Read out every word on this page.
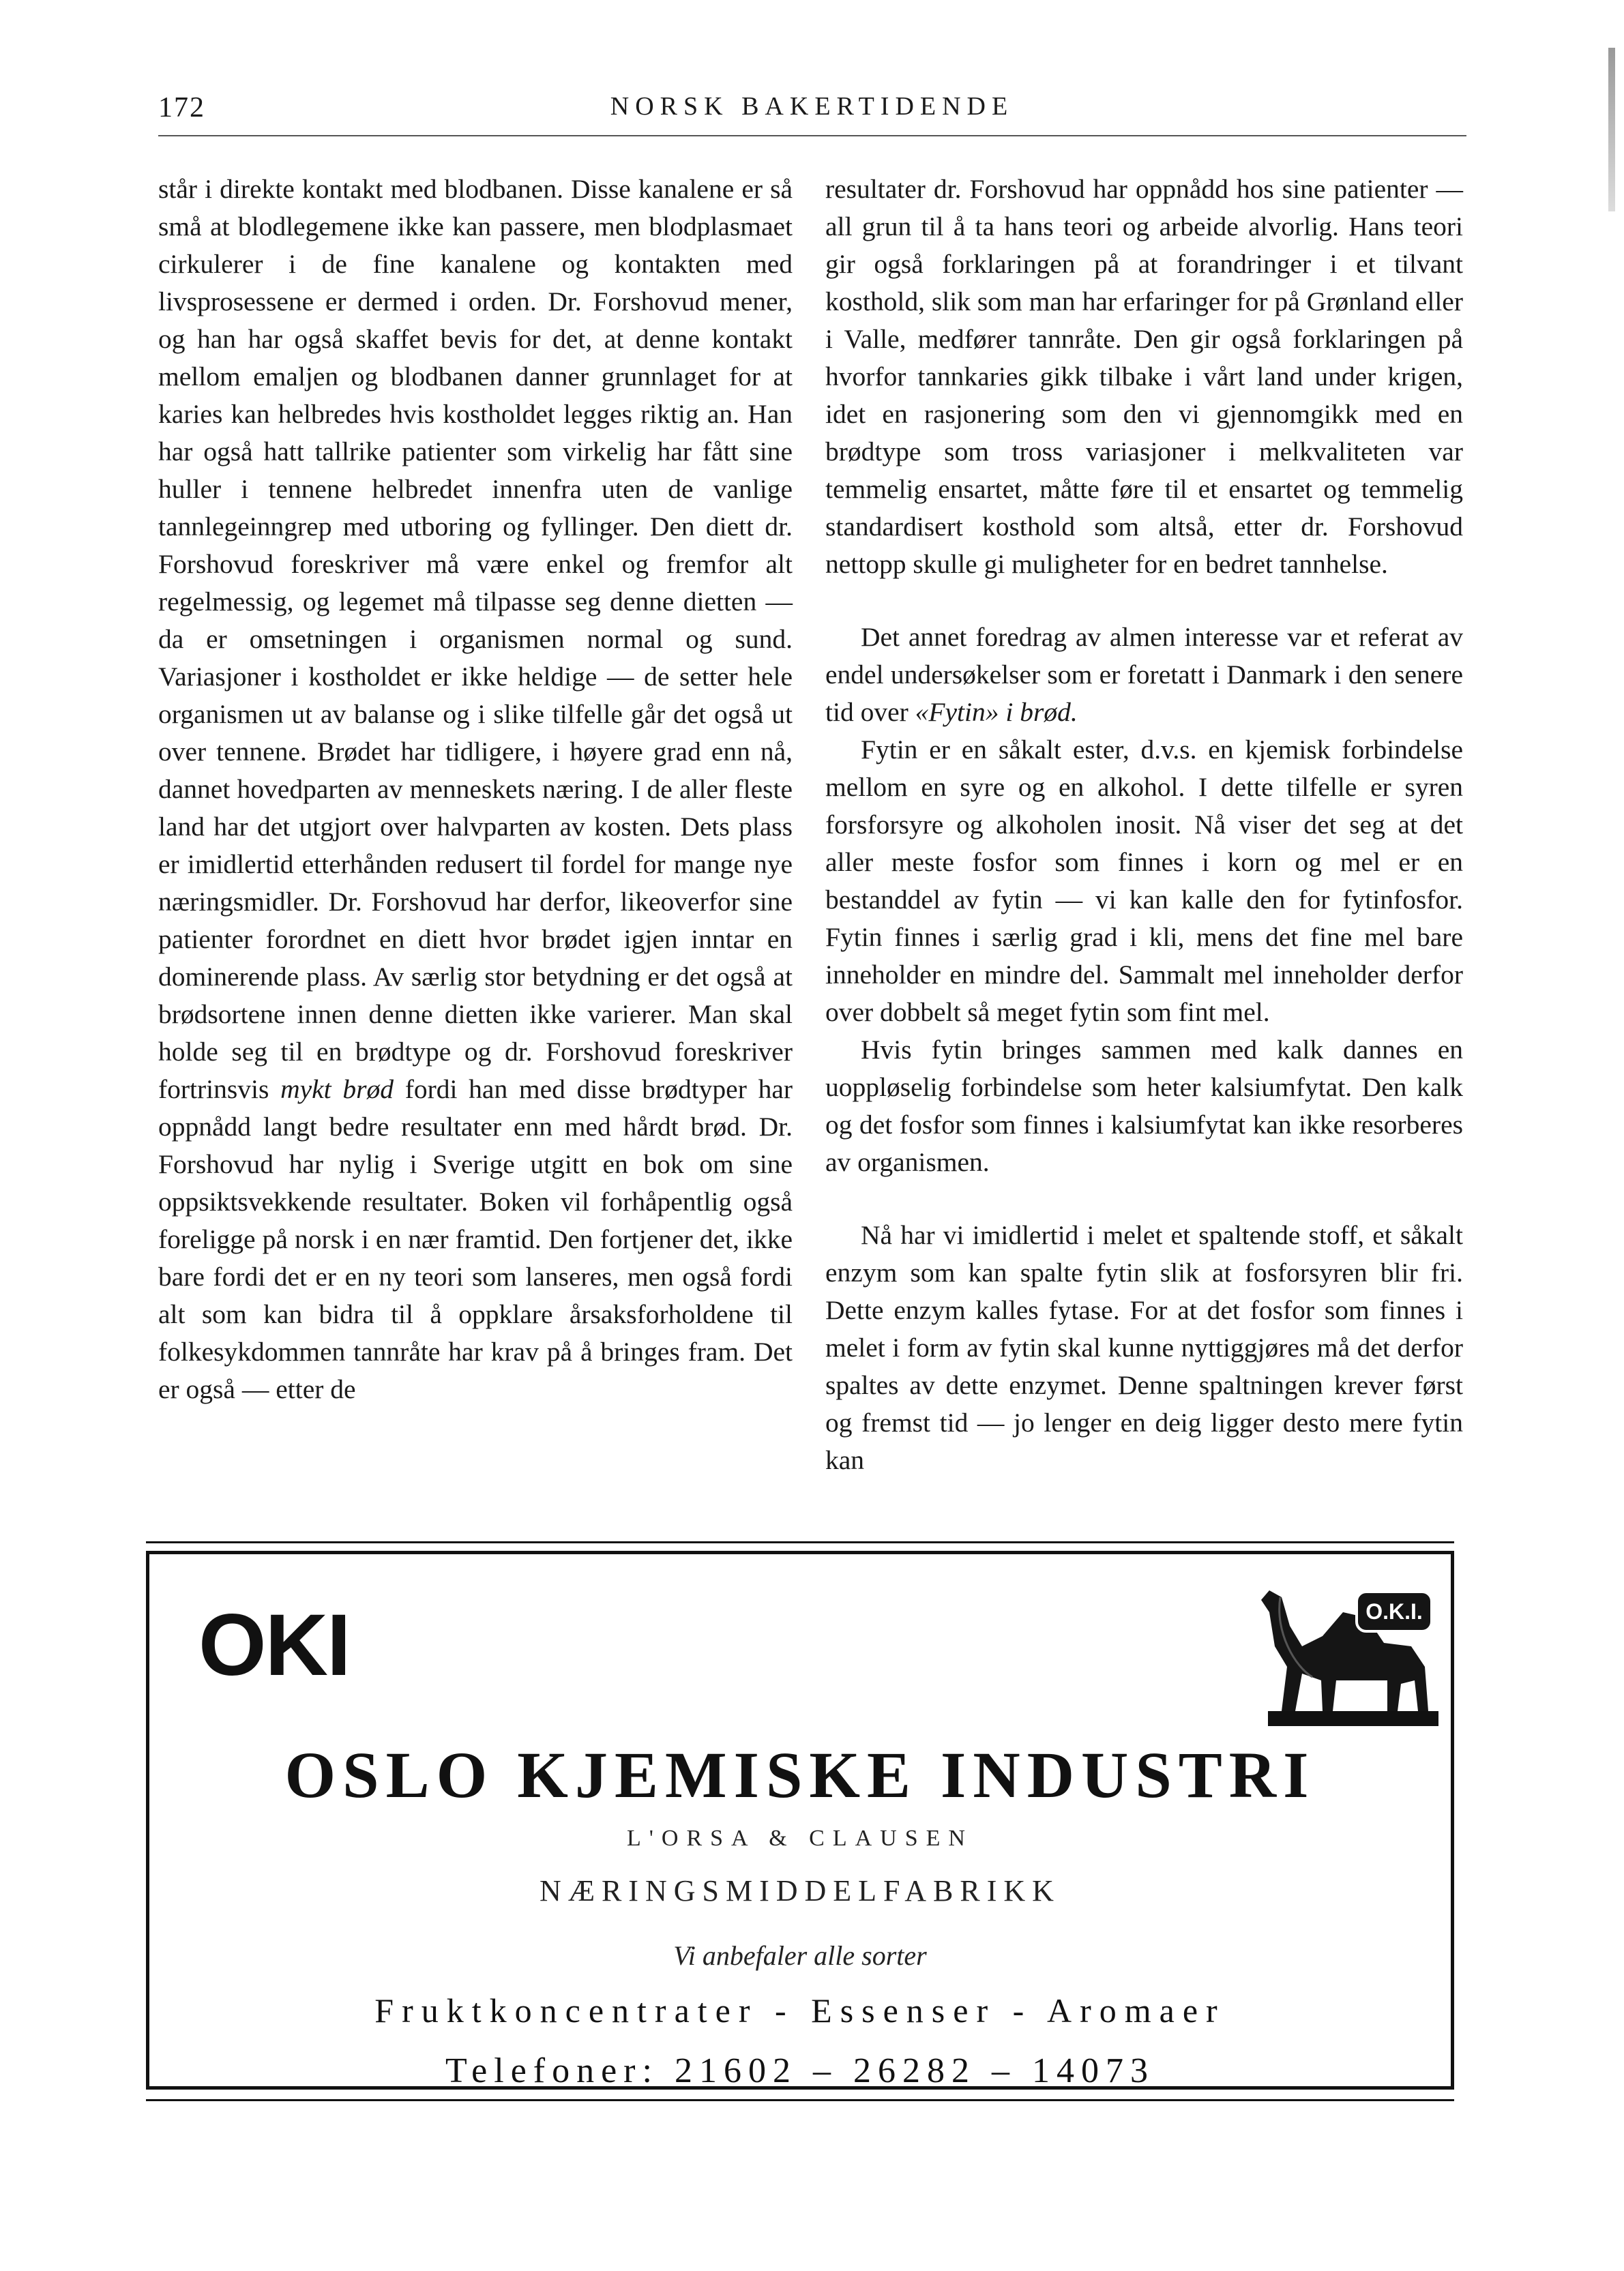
172	NORSK BAKERTIDENDE

står i direkte kontakt med blodbanen. Disse kanalene er så små at blodlegemene ikke kan passere, men blodplasmaet cirkulerer i de fine kanalene og kontakten med livsprosessene er dermed i orden. Dr. Forshovud mener, og han har også skaffet bevis for det, at denne kontakt mellom emaljen og blodbanen danner grunnlaget for at karies kan helbredes hvis kostholdet legges riktig an. Han har også hatt tallrike patienter som virkelig har fått sine huller i tennene helbredet innenfra uten de vanlige tannlegeinngrep med utboring og fyllinger. Den diett dr. Forshovud foreskriver må være enkel og fremfor alt regelmessig, og legemet må tilpasse seg denne dietten — da er omsetningen i organismen normal og sund. Variasjoner i kostholdet er ikke heldige — de setter hele organismen ut av balanse og i slike tilfelle går det også ut over tennene. Brødet har tidligere, i høyere grad enn nå, dannet hovedparten av menneskets næring. I de aller fleste land har det utgjort over halvparten av kosten. Dets plass er imidlertid etterhånden redusert til fordel for mange nye næringsmidler. Dr. Forshovud har derfor, likeoverfor sine patienter forordnet en diett hvor brødet igjen inntar en dominerende plass. Av særlig stor betydning er det også at brødsortene innen denne dietten ikke varierer. Man skal holde seg til en brødtype og dr. Forshovud foreskriver fortrinsvis mykt brød fordi han med disse brødtyper har oppnådd langt bedre resultater enn med hårdt brød. Dr. Forshovud har nylig i Sverige utgitt en bok om sine oppsiktsvekkende resultater. Boken vil forhåpentlig også foreligge på norsk i en nær framtid. Den fortjener det, ikke bare fordi det er en ny teori som lanseres, men også fordi alt som kan bidra til å oppklare årsaksforholdene til folkesykdommen tannråte har krav på å bringes fram. Det er også — etter de

resultater dr. Forshovud har oppnådd hos sine patienter — all grun til å ta hans teori og arbeide alvorlig. Hans teori gir også forklaringen på at forandringer i et tilvant kosthold, slik som man har erfaringer for på Grønland eller i Valle, medfører tannråte. Den gir også forklaringen på hvorfor tannkaries gikk tilbake i vårt land under krigen, idet en rasjonering som den vi gjennomgikk med en brødtype som tross variasjoner i melkvaliteten var temmelig ensartet, måtte føre til et ensartet og temmelig standardisert kosthold som altså, etter dr. Forshovud nettopp skulle gi muligheter for en bedret tannhelse.

Det annet foredrag av almen interesse var et referat av endel undersøkelser som er foretatt i Danmark i den senere tid over «Fytin» i brød.

Fytin er en såkalt ester, d.v.s. en kjemisk forbindelse mellom en syre og en alkohol. I dette tilfelle er syren forsforsyre og alkoholen inosit. Nå viser det seg at det aller meste fosfor som finnes i korn og mel er en bestanddel av fytin — vi kan kalle den for fytinfosfor. Fytin finnes i særlig grad i kli, mens det fine mel bare inneholder en mindre del. Sammalt mel inneholder derfor over dobbelt så meget fytin som fint mel.

Hvis fytin bringes sammen med kalk dannes en uoppløselig forbindelse som heter kalsiumfytat. Den kalk og det fosfor som finnes i kalsiumfytat kan ikke resorberes av organismen.

Nå har vi imidlertid i melet et spaltende stoff, et såkalt enzym som kan spalte fytin slik at fosforsyren blir fri. Dette enzym kalles fytase. For at det fosfor som finnes i melet i form av fytin skal kunne nyttiggjøres må det derfor spaltes av dette enzymet. Denne spaltningen krever først og fremst tid — jo lenger en deig ligger desto mere fytin kan

OKI	O.K.I.
OSLO KJEMISKE INDUSTRI
L'ORSA & CLAUSEN
NÆRINGSMIDDELFABRIKK
Vi anbefaler alle sorter
Fruktkoncentrater - Essenser - Aromaer
Telefoner: 21602 – 26282 – 14073
